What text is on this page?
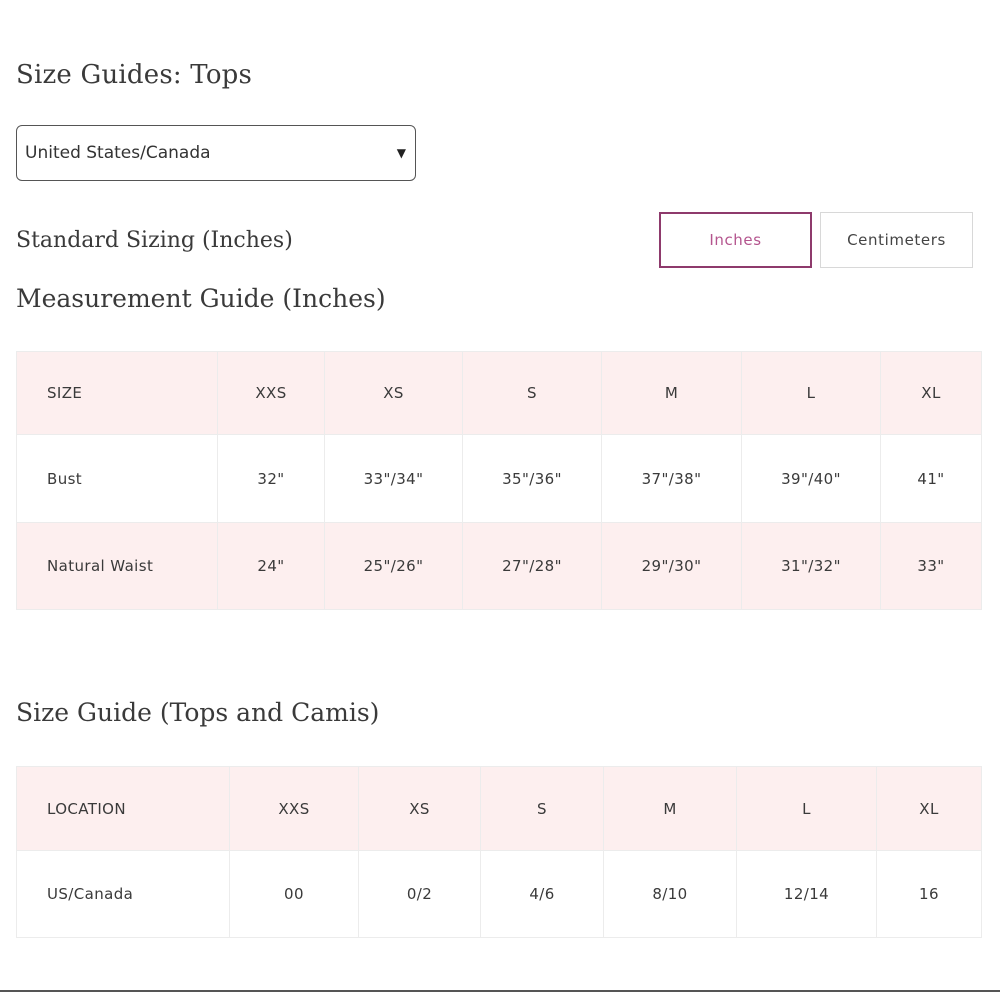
Size Guides: Tops
United States/Canada	▼
Standard Sizing (Inches)	Inches	Centimeters
Measurement Guide (Inches)
SIZE	XXS	XS	S	M	L	XL
Bust	32"	33"/34"	35"/36"	37"/38"	39"/40"	41"
Natural Waist	24"	25"/26"	27"/28"	29"/30"	31"/32"	33"
Size Guide (Tops and Camis)
LOCATION	XXS	XS	S	M	L	XL
US/Canada	00	0/2	4/6	8/10	12/14	16
